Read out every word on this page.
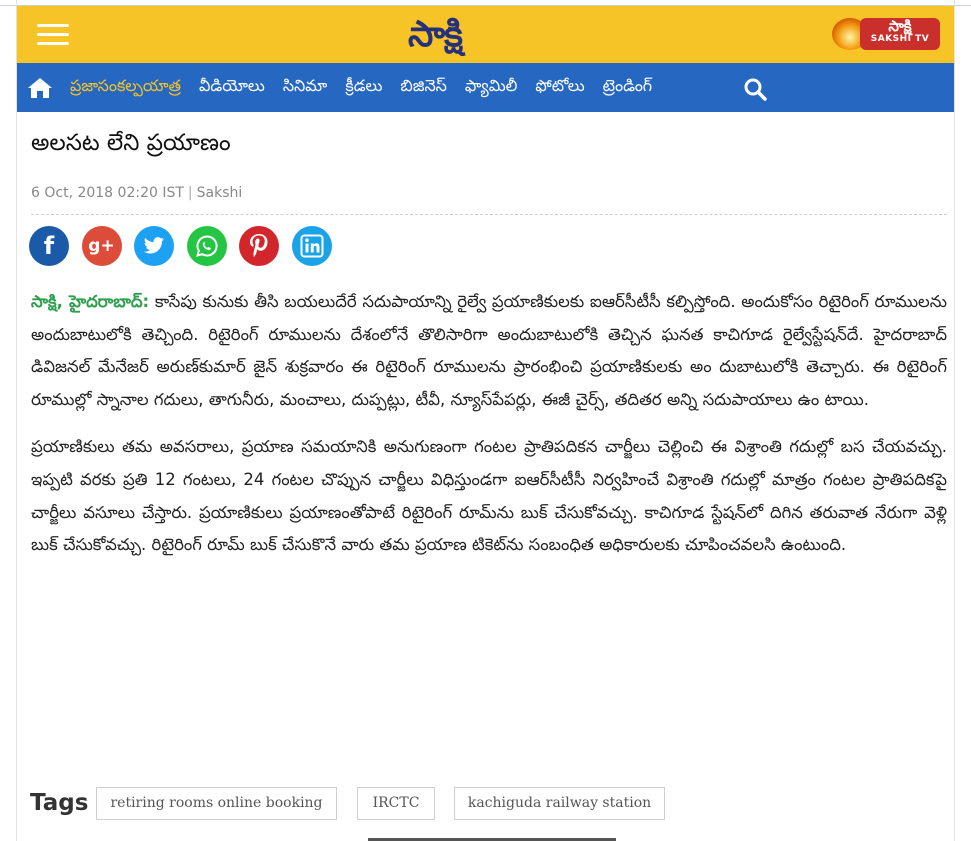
సాక్షి	సాక్షి
SAKSHI TV
ప్రజాసంకల్పయాత్ర వీడియోలు సినిమా క్రీడలు బిజినెస్ ఫ్యామిలీ ఫోటోలు ట్రెండింగ్
అలసట లేని ప్రయాణం
6 Oct, 2018 02:20 IST | Sakshi
f g+

సాక్షి, హైదరాబాద్: కాసేపు కునుకు తీసి బయలుదేరే సదుపాయాన్ని రైల్వే ప్రయాణికులకు ఐఆర్‌సీటీసీ కల్పిస్తోంది. అందుకోసం రిటైరింగ్‌ రూములను అందుబాటులోకి తెచ్చింది. రిటైరింగ్‌ రూములను దేశంలోనే తొలిసారిగా అందుబాటులోకి తెచ్చిన ఘనత కాచిగూడ రైల్వేస్టేషన్‌దే. హైదరాబాద్‌ డివిజనల్‌ మేనేజర్‌ అరుణ్‌కుమార్‌ జైన్‌ శుక్రవారం ఈ రిటైరింగ్‌ రూములను ప్రారంభించి ప్రయాణికులకు అం దుబాటులోకి తెచ్చారు. ఈ రిటైరింగ్‌ రూముల్లో స్నానాల గదులు, తాగునీరు, మంచాలు, దుప్పట్లు, టీవీ, న్యూస్‌పేపర్లు, ఈజీ చైర్స్, తదితర అన్ని సదుపాయాలు ఉం టాయి.

ప్రయాణికులు తమ అవసరాలు, ప్రయాణ సమయానికి అనుగుణంగా గంటల ప్రాతిపదికన చార్జీలు చెల్లించి ఈ విశ్రాంతి గదుల్లో బస చేయవచ్చు. ఇప్పటి వరకు ప్రతి 12 గంటలు, 24 గంటల చొప్పున చార్జీలు విధిస్తుండగా ఐఆర్‌సీటీసీ నిర్వహించే విశ్రాంతి గదుల్లో మాత్రం గంటల ప్రాతిపదికపై చార్జీలు వసూలు చేస్తారు. ప్రయాణికులు ప్రయాణంతోపాటే రిటైరింగ్‌ రూమ్‌ను బుక్‌ చేసుకోవచ్చు. కాచిగూడ స్టేషన్‌లో దిగిన తరువాత నేరుగా వెళ్లి బుక్‌ చేసుకోవచ్చు. రిటైరింగ్‌ రూమ్‌ బుక్‌ చేసుకొనే వారు తమ ప్రయాణ టికెట్‌ను సంబంధిత అధికారులకు చూపించవలసి ఉంటుంది.

Tags	retiring rooms online booking	IRCTC	kachiguda railway station
